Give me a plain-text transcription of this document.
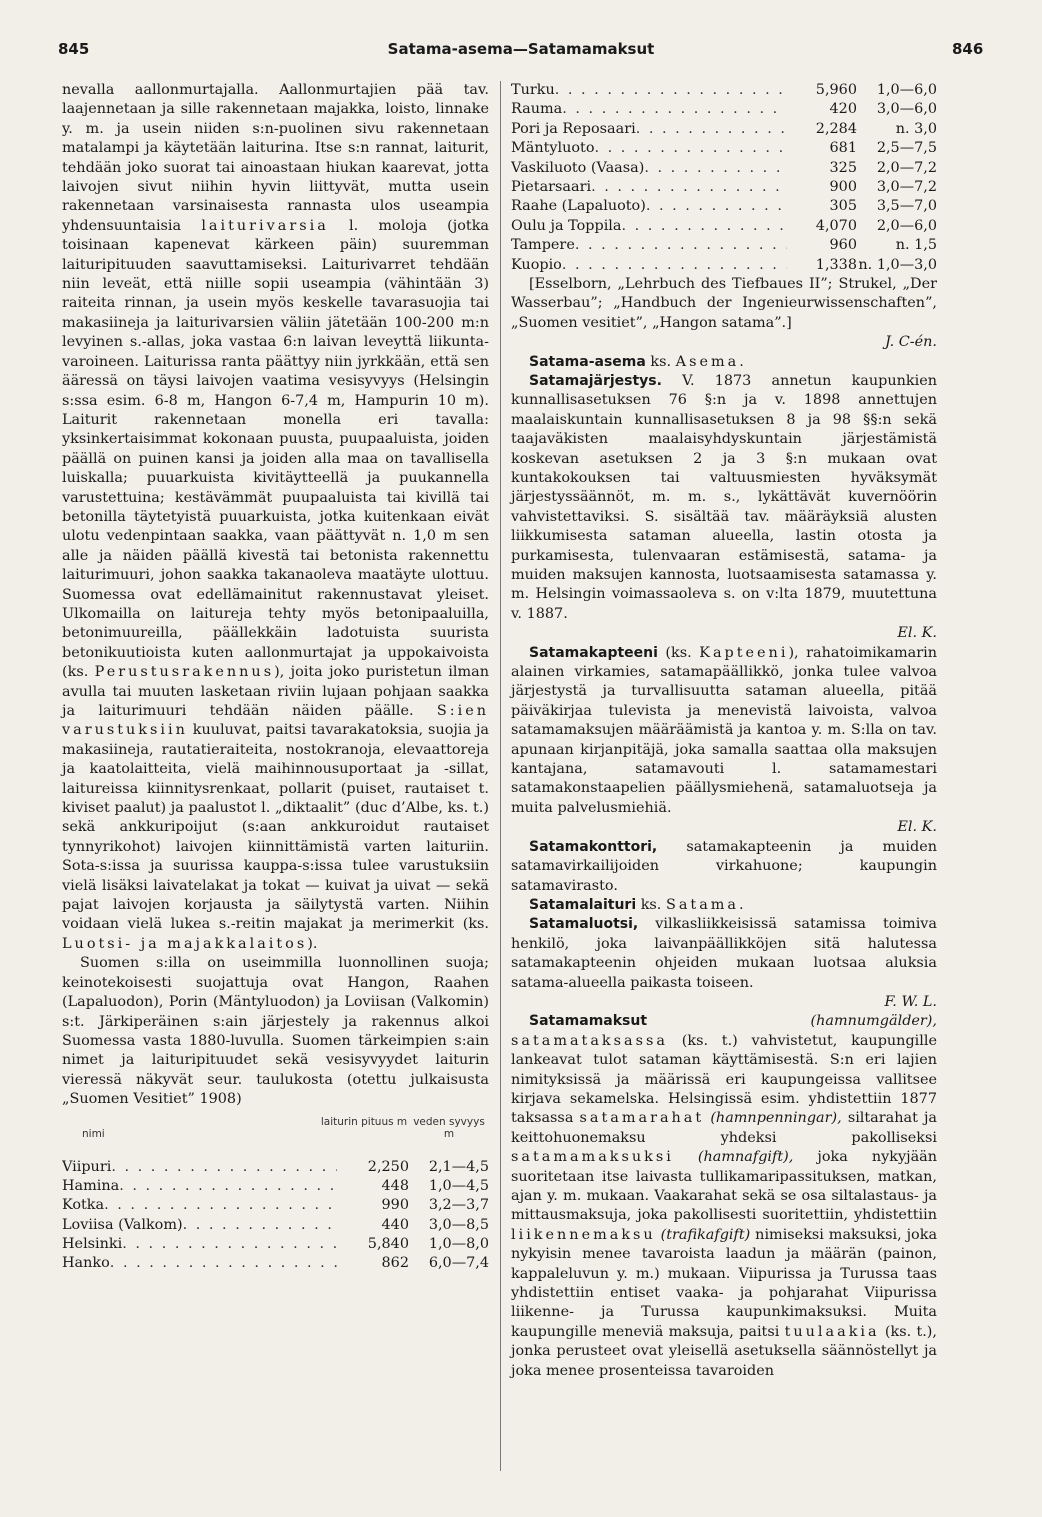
Satama-asema—Satamamaksut
845	846

nevalla aallonmurtajalla. Aallonmurtajien pää tav. laajennetaan ja sille rakennetaan majakka, loisto, linnake y. m. ja usein niiden s:n-puolinen sivu rakennetaan matalampi ja käytetään laiturina. Itse s:n rannat, laiturit, tehdään joko suorat tai ainoastaan hiukan kaarevat, jotta laivojen sivut niihin hyvin liittyvät, mutta usein rakennetaan varsinaisesta rannasta ulos useampia yhdensuuntaisia laiturivarsia l. moloja (jotka toisinaan kapenevat kärkeen päin) suuremman laituripituuden saavuttamiseksi. Laiturivarret tehdään niin leveät, että niille sopii useampia (vähintään 3) raiteita rinnan, ja usein myös keskelle tavarasuojia tai makasiineja ja laiturivarsien väliin jätetään 100-200 m:n levyinen s.-allas, joka vastaa 6:n laivan leveyttä liikunta-varoineen. Laiturissa ranta päättyy niin jyrkkään, että sen ääressä on täysi laivojen vaatima vesisyvyys (Helsingin s:ssa esim. 6-8 m, Hangon 6-7,4 m, Hampurin 10 m). Laiturit rakennetaan monella eri tavalla: yksinkertaisimmat kokonaan puusta, puupaaluista, joiden päällä on puinen kansi ja joiden alla maa on tavallisella luiskalla; puuarkuista kivitäytteellä ja puukannella varustettuina; kestävämmät puupaaluista tai kivillä tai betonilla täytetyistä puuarkuista, jotka kuitenkaan eivät ulotu vedenpintaan saakka, vaan päättyvät n. 1,0 m sen alle ja näiden päällä kivestä tai betonista rakennettu laiturimuuri, johon saakka takanaoleva maatäyte ulottuu. Suomessa ovat edellämainitut rakennustavat yleiset. Ulkomailla on laitureja tehty myös betonipaaluilla, betonimuureilla, päällekkäin ladotuista suurista betonikuutioista kuten aallonmurtajat ja uppokaivoista (ks. Perustusrakennus), joita joko puristetun ilman avulla tai muuten lasketaan riviin lujaan pohjaan saakka ja laiturimuuri tehdään näiden päälle. S:ien varustuksiin kuuluvat, paitsi tavarakatoksia, suojia ja makasiineja, rautatieraiteita, nostokranoja, elevaattoreja ja kaatolaitteita, vielä maihinnousuportaat ja -sillat, laitureissa kiinnitysrenkaat, pollarit (puiset, rautaiset t. kiviset paalut) ja paalustot l. „diktaalit” (duc d’Albe, ks. t.) sekä ankkuripoijut (s:aan ankkuroidut rautaiset tynnyrikohot) laivojen kiinnittämistä varten laituriin. Sota-s:issa ja suurissa kauppa-s:issa tulee varustuksiin vielä lisäksi laivatelakat ja tokat — kuivat ja uivat — sekä pajat laivojen korjausta ja säilytystä varten. Niihin voidaan vielä lukea s.-reitin majakat ja merimerkit (ks. Luotsi- ja majakkalaitos).

Suomen s:illa on useimmilla luonnollinen suoja; keinotekoisesti suojattuja ovat Hangon, Raahen (Lapaluodon), Porin (Mäntyluodon) ja Loviisan (Valkomin) s:t. Järkiperäinen s:ain järjestely ja rakennus alkoi Suomessa vasta 1880-luvulla. Suomen tärkeimpien s:ain nimet ja laituripituudet sekä vesisyvyydet laiturin vieressä näkyvät seur. taulukosta (otettu julkaisusta „Suomen Vesitiet” 1908)

nimi
laiturin pituus m veden syvyys m
Viipuri . . .	2,250	2,1—4,5
Hamina . . .	448	1,0—4,5
Kotka . . .	990	3,2—3,7
Loviisa (Valkom) . . .	440	3,0—8,5
Helsinki . . .	5,840	1,0—8,0
Hanko . . .	862	6,0—7,4
Turku . . .	5,960	1,0—6,0
Rauma . . .	420	3,0—6,0
Pori ja Reposaari . . .	2,284	n. 3,0
Mäntyluoto . . .	681	2,5—7,5
Vaskiluoto (Vaasa) . . .	325	2,0—7,2
Pietarsaari . . .	900	3,0—7,2
Raahe (Lapaluoto) . . .	305	3,5—7,0
Oulu ja Toppila . . .	4,070	2,0—6,0
Tampere . . .	960	n. 1,5
Kuopio . . .	1,338 n. 1,0—3,0

[Esselborn, „Lehrbuch des Tiefbaues II”; Strukel, „Der Wasserbau”; „Handbuch der Ingenieurwissenschaften”, „Suomen vesitiet”, „Hangon satama”.]

J. C-én.

Satama-asema ks. Asema.

Satamajärjestys. V. 1873 annetun kaupunkien kunnallisasetuksen 76 §:n ja v. 1898 annettujen maalaiskuntain kunnallisasetuksen 8 ja 98 §§:n sekä taajaväkisten maalaisyhdyskuntain järjestämistä koskevan asetuksen 2 ja 3 §:n mukaan ovat kuntakokouksen tai valtuusmiesten hyväksymät järjestyssäännöt, m. m. s., lykättävät kuvernöörin vahvistettaviksi. S. sisältää tav. määräyksiä alusten liikkumisesta sataman alueella, lastin otosta ja purkamisesta, tulenvaaran estämisestä, satama- ja muiden maksujen kannosta, luotsaamisesta satamassa y. m. Helsingin voimassaoleva s. on v:lta 1879, muutettuna v. 1887.

El. K.

Satamakapteeni (ks. Kapteeni), rahatoimikamarin alainen virkamies, satamapäällikkö, jonka tulee valvoa järjestystä ja turvallisuutta sataman alueella, pitää päiväkirjaa tulevista ja menevistä laivoista, valvoa satamamaksujen määräämistä ja kantoa y. m. S:lla on tav. apunaan kirjanpitäjä, joka samalla saattaa olla maksujen kantajana, satamavouti l. satamamestari satamakonstaapelien päällysmiehenä, satamaluotseja ja muita palvelusmiehiä.

El. K.

Satamakonttori, satamakapteenin ja muiden satamavirkailijoiden virkahuone; kaupungin satamavirasto.

Satamalaituri ks. Satama.

Satamaluotsi, vilkasliikkeisissä satamissa toimiva henkilö, joka laivanpäällikköjen sitä halutessa satamakapteenin ohjeiden mukaan luotsaa aluksia satama-alueella paikasta toiseen.

F. W. L.

Satamamaksut	(hamnumgälder), satamataksassa (ks. t.) vahvistetut, kaupungille lankeavat tulot sataman käyttämisestä. S:n eri lajien nimityksissä ja määrissä eri kaupungeissa vallitsee kirjava sekamelska. Helsingissä esim. yhdistettiin 1877 taksassa satamarahat (hamnpenningar), siltarahat ja keittohuonemaksu yhdeksi pakolliseksi satamamaksuksi (hamnafgift), joka nykyjään suoritetaan itse laivasta tullikamaripassituksen, matkan, ajan y. m. mukaan. Vaakarahat sekä se osa siltalastaus- ja mittausmaksuja, joka pakollisesti suoritettiin, yhdistettiin liikennemaksu (trafikafgift) nimiseksi maksuksi, joka nykyisin menee tavaroista laadun ja määrän (painon, kappaleluvun y. m.) mukaan. Viipurissa ja Turussa taas yhdistettiin entiset vaaka- ja pohjarahat Viipurissa liikenne- ja Turussa kaupunkimaksuksi. Muita kaupungille meneviä maksuja, paitsi tuulaakia (ks. t.), jonka perusteet ovat yleisellä asetuksella säännöstellyt ja joka menee prosenteissa tavaroiden
